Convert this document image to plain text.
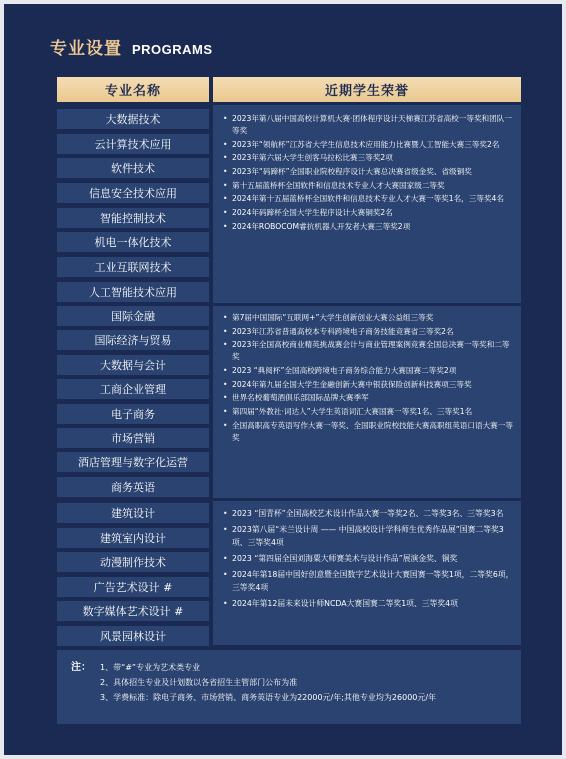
专业设置 PROGRAMS
专业名称	近期学生荣誉
大数据技术
云计算技术应用
软件技术
信息安全技术应用
智能控制技术
机电一体化技术
工业互联网技术
人工智能技术应用
• 2023年第八届中国高校计算机大赛·团体程序设计天梯赛江苏省高校一等奖和团队一等奖
• 2023年“领航杯”江苏省大学生信息技术应用能力比赛暨人工智能大赛三等奖2名
• 2023年第六届大学生创客马拉松比赛三等奖2项
• 2023年“码蹄杯”全国职业院校程序设计大赛总决赛省级金奖、省级铜奖
• 第十五届蓝桥杯全国软件和信息技术专业人才大赛国家级二等奖
• 2024年第十五届蓝桥杯全国软件和信息技术专业人才大赛一等奖1名，三等奖4名
• 2024年码蹄杯全国大学生程序设计大赛铜奖2名
• 2024年ROBOCOM睿抗机器人开发者大赛三等奖2项
国际金融
国际经济与贸易
大数据与会计
工商企业管理
电子商务
市场营销
酒店管理与数字化运营
商务英语
• 第7届中国国际“互联网+”大学生创新创业大赛公益组三等奖
• 2023年江苏省普通高校本专科跨境电子商务技能竞赛省三等奖2名
• 2023年全国高校商业精英挑战赛会计与商业管理案例竞赛全国总决赛一等奖和二等奖
• 2023 “典阅杯”全国高校跨境电子商务综合能力大赛国赛二等奖2项
• 2024年第九届全国大学生金融创新大赛中银获保险创新科技赛项三等奖
• 世界名校葡萄酒俱乐部国际品牌大赛季军
• 第四届“外教社·词达人”大学生英语词汇大赛国赛一等奖1名、三等奖1名
• 全国高职高专英语写作大赛一等奖、全国职业院校技能大赛高职组英语口语大赛一等奖
建筑设计
建筑室内设计
动漫制作技术
广告艺术设计 #
数字媒体艺术设计 #
风景园林设计
• 2023 “国青杯”全国高校艺术设计作品大赛一等奖2名、二等奖3名、三等奖3名
• 2023第八届“米兰设计周 —— 中国高校设计学科师生优秀作品展”国赛二等奖3项、三等奖4项
• 2023 “第四届全国刘海粟大师赛美术与设计作品”展演金奖、铜奖
• 2024年第18届中国好创意暨全国数字艺术设计大赛国赛一等奖1项，二等奖6项，三等奖4项
• 2024年第12届未来设计师NCDA大赛国赛二等奖1项、三等奖4项
注：	1、带“#”专业为艺术类专业
2、具体招生专业及计划数以各省招生主管部门公布为准
3、学费标准：除电子商务、市场营销、商务英语专业为22000元/年;其他专业均为26000元/年
